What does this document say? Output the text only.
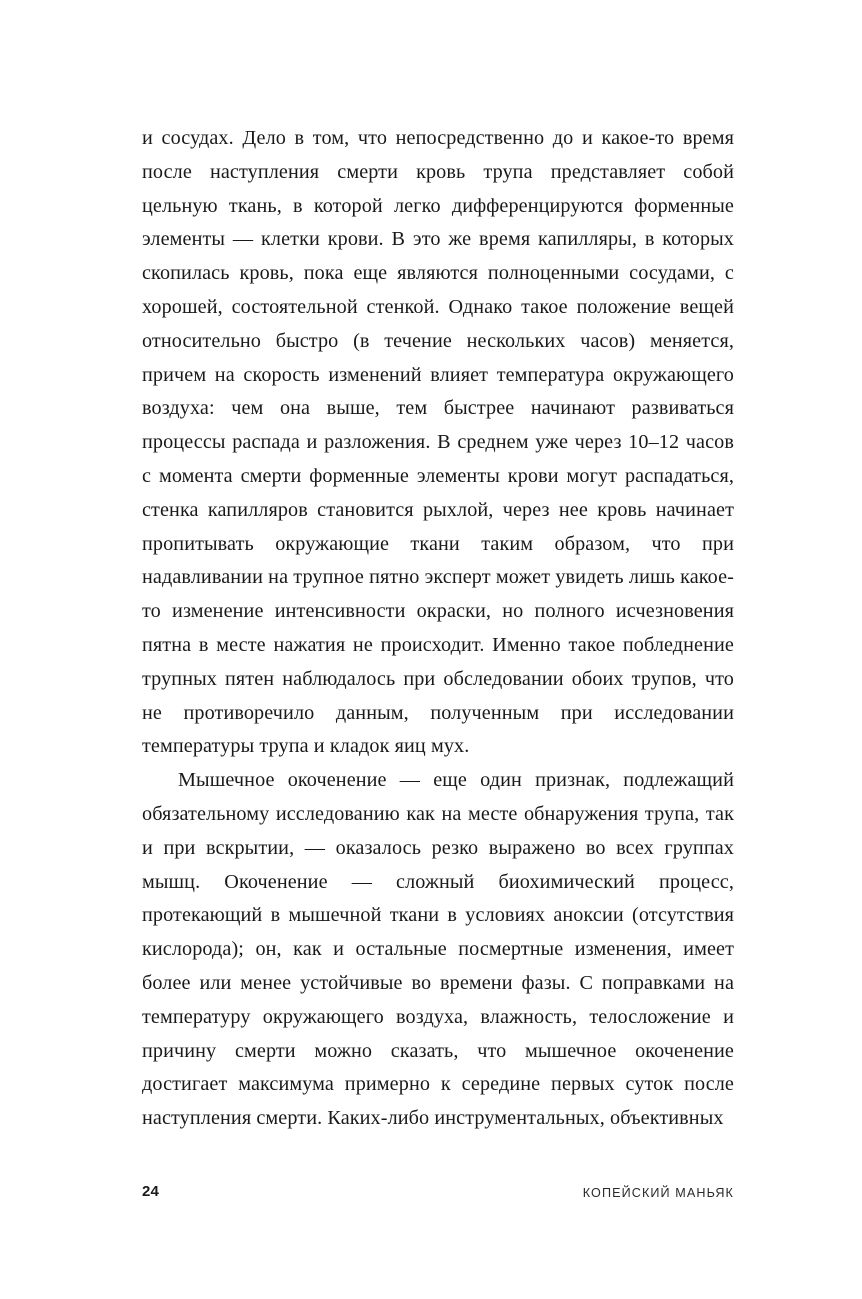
и сосудах. Дело в том, что непосредственно до и какое-то время после наступления смерти кровь трупа представляет собой цельную ткань, в которой легко дифференцируются форменные элементы — клетки крови. В это же время капилляры, в которых скопилась кровь, пока еще являются полноценными сосудами, с хорошей, состоятельной стенкой. Однако такое положение вещей относительно быстро (в течение нескольких часов) меняется, причем на скорость изменений влияет температура окружающего воздуха: чем она выше, тем быстрее начинают развиваться процессы распада и разложения. В среднем уже через 10–12 часов с момента смерти форменные элементы крови могут распадаться, стенка капилляров становится рыхлой, через нее кровь начинает пропитывать окружающие ткани таким образом, что при надавливании на трупное пятно эксперт может увидеть лишь какое-то изменение интенсивности окраски, но полного исчезновения пятна в месте нажатия не происходит. Именно такое побледнение трупных пятен наблюдалось при обследовании обоих трупов, что не противоречило данным, полученным при исследовании температуры трупа и кладок яиц мух.

Мышечное окоченение — еще один признак, подлежащий обязательному исследованию как на месте обнаружения трупа, так и при вскрытии, — оказалось резко выражено во всех группах мышц. Окоченение — сложный биохимический процесс, протекающий в мышечной ткани в условиях аноксии (отсутствия кислорода); он, как и остальные посмертные изменения, имеет более или менее устойчивые во времени фазы. С поправками на температуру окружающего воздуха, влажность, телосложение и причину смерти можно сказать, что мышечное окоченение достигает максимума примерно к середине первых суток после наступления смерти. Каких-либо инструментальных, объективных

24	КОПЕЙСКИЙ МАНЬЯК
